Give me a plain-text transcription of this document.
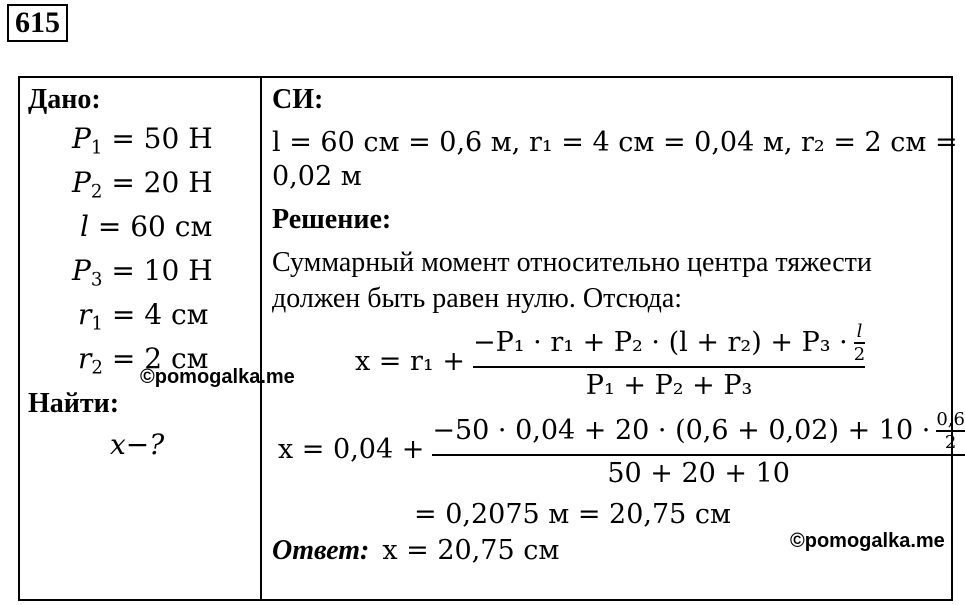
615
Дано:
$P_1 = 50$ Н
$P_2 = 20$ Н
l = 60 см
$P_3 = 10$ Н
$r_1 = 4$ см
$r_2 = 2$ см
Найти:
x−?
©pomogalka.me
СИ:
l = 60 см = 0,6 м, r₁ = 4 см = 0,04 м, r₂ = 2 см =
0,02 м
Решение:
Суммарный момент относительно центра тяжести
должен быть равен нулю. Отсюда:
x = r₁ +
$-P_1 \cdot r_1 + P_2 \cdot (l + r_2) + P_3 \cdot \frac{l}{2}$
P₁ + P₂ + P₃
x = 0,04 +
$-50 \cdot 0,04 + 20 \cdot (0,6 + 0,02) + 10 \cdot \frac{0,6}{2}$
50 + 20 + 10
= 0,2075 м = 20,75 см
Ответ: x = 20,75 см	©pomogalka.me
